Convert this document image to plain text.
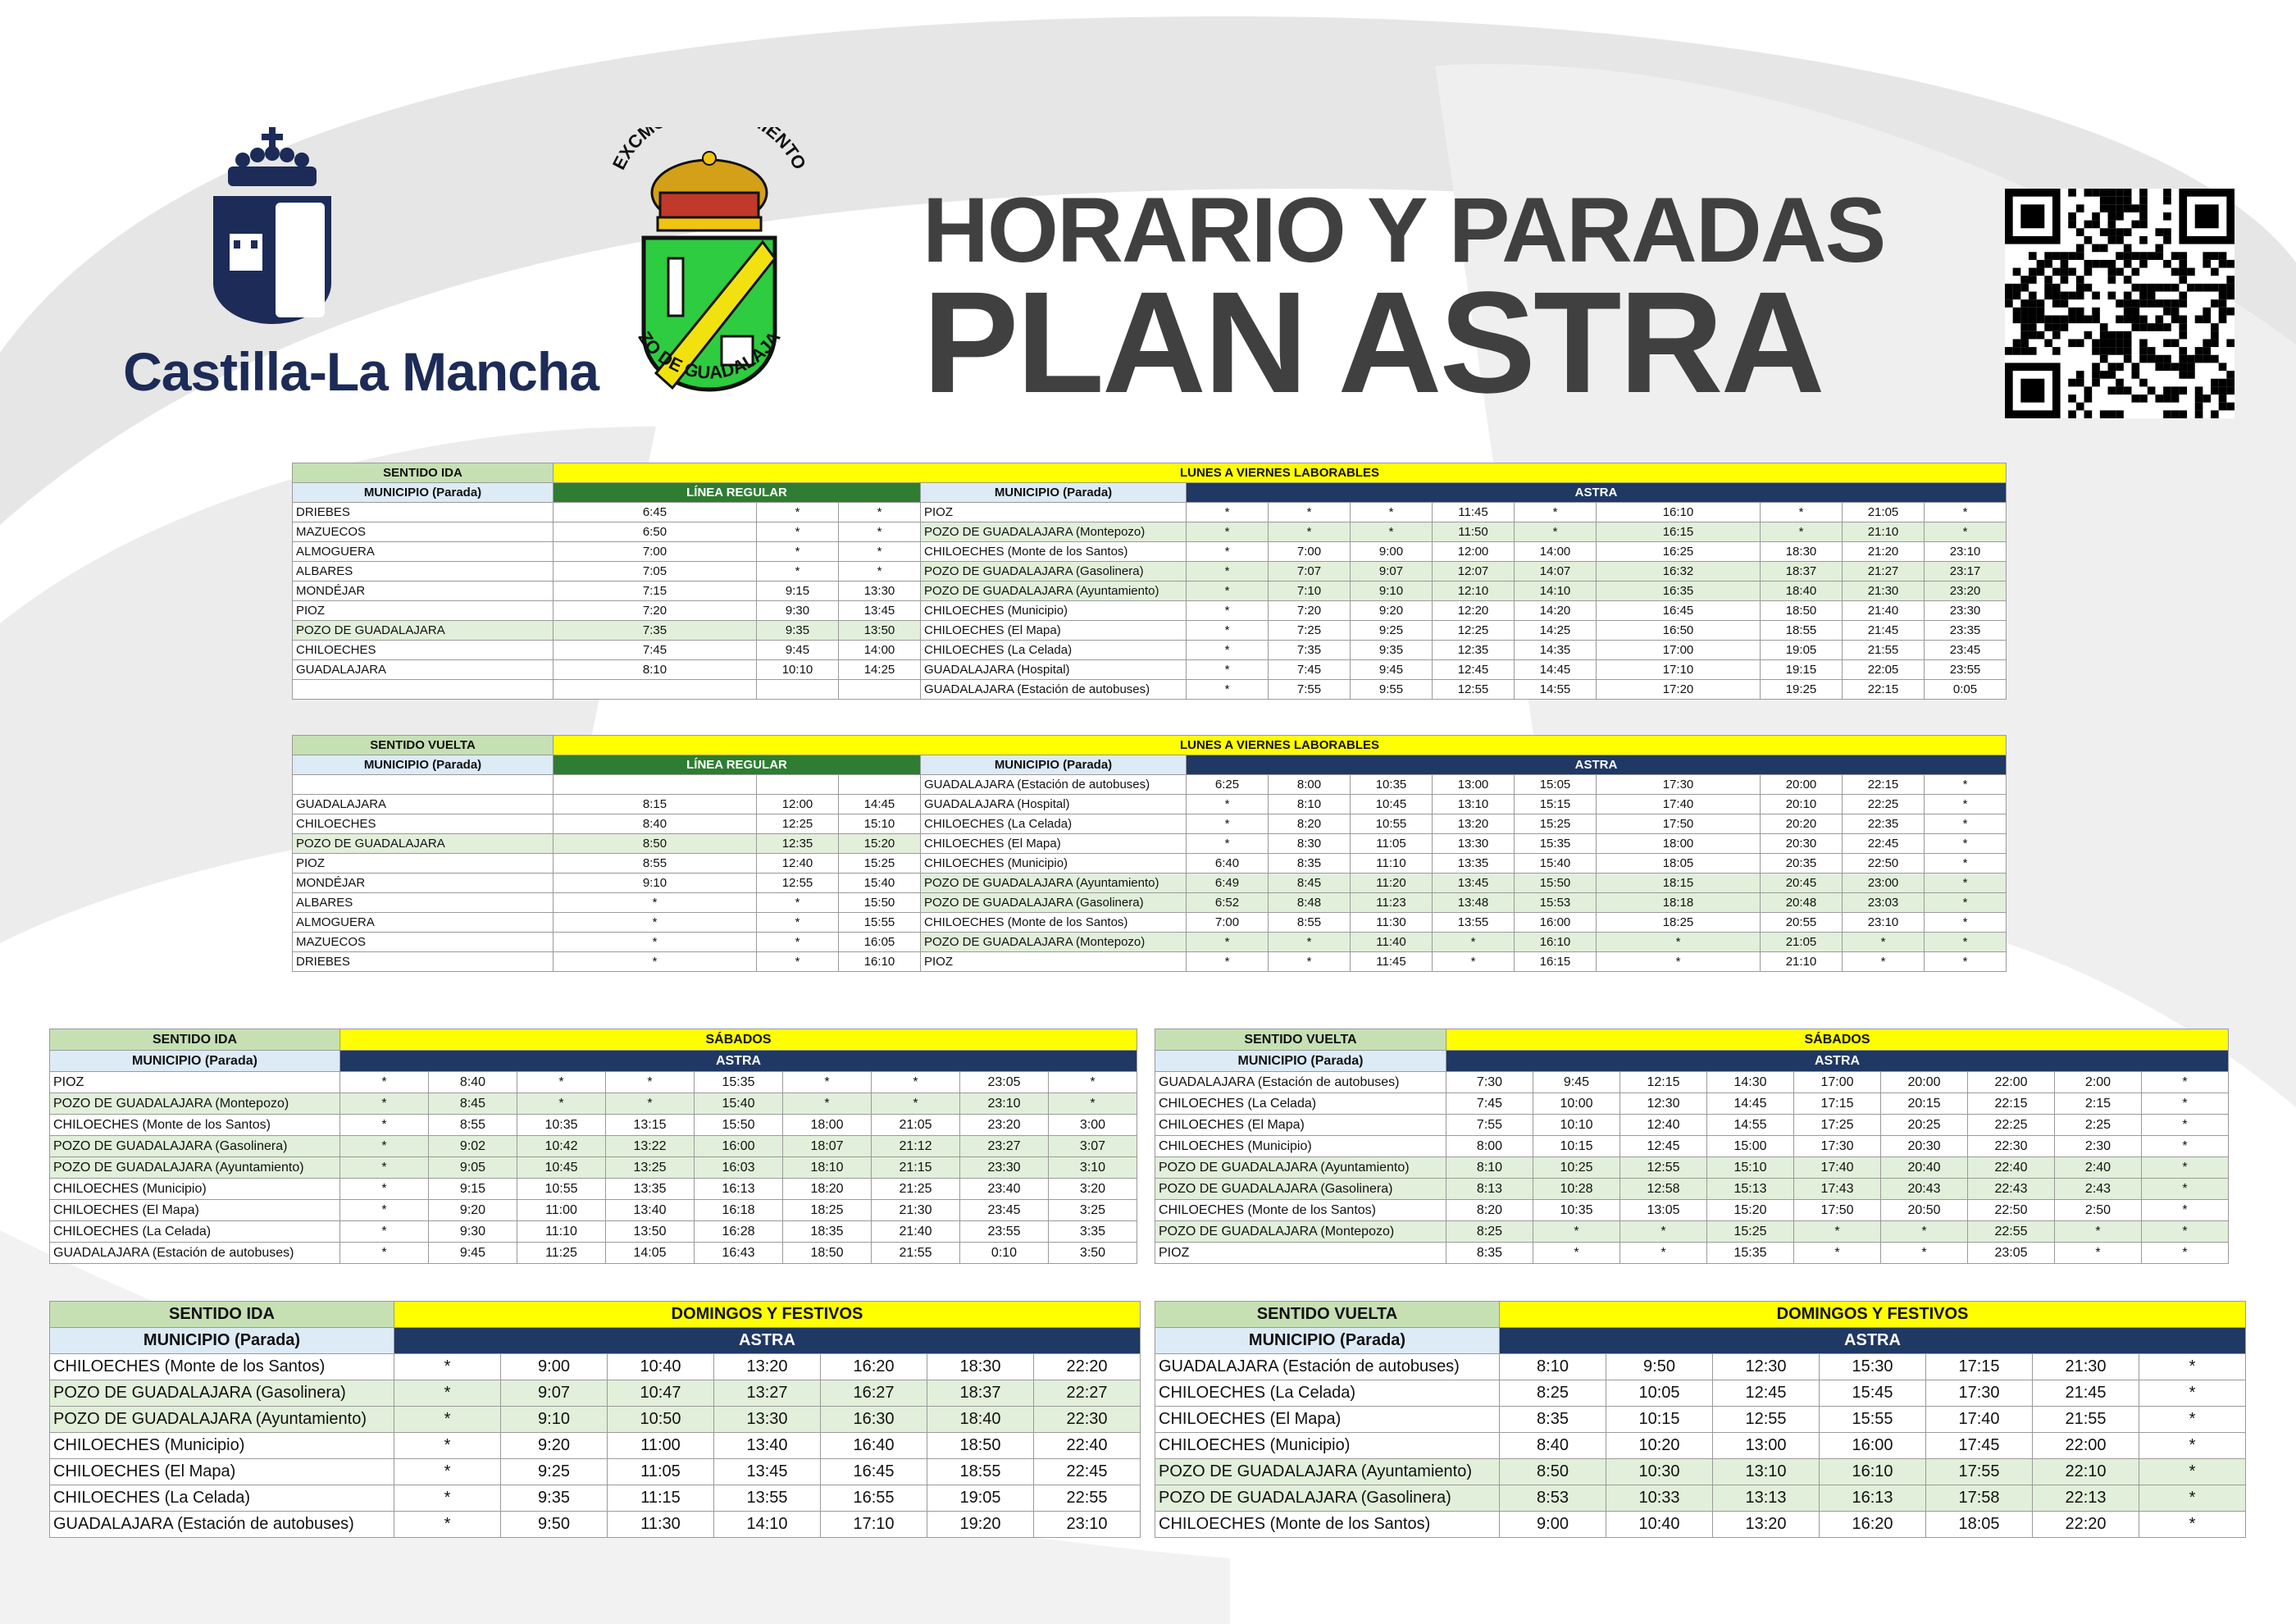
Castilla-La Mancha
EXCM ENTO
ZO DE GUADALAJA
HORARIO Y PARADAS
PLAN ASTRA
SENTIDO IDA	LUNES A VIERNES LABORABLES												
MUNICIPIO (Parada)	LÍNEA REGULAR			MUNICIPIO (Parada)	ASTRA								
DRIEBES	6:45	*	*	PIOZ	*	*	*	11:45	*	16:10	*	21:05	*
MAZUECOS	6:50	*	*	POZO DE GUADALAJARA (Montepozo)	*	*	*	11:50	*	16:15	*	21:10	*
ALMOGUERA	7:00	*	*	CHILOECHES (Monte de los Santos)	*	7:00	9:00	12:00	14:00	16:25	18:30	21:20	23:10
ALBARES	7:05	*	*	POZO DE GUADALAJARA (Gasolinera)	*	7:07	9:07	12:07	14:07	16:32	18:37	21:27	23:17
MONDÉJAR	7:15	9:15	13:30	POZO DE GUADALAJARA (Ayuntamiento)	*	7:10	9:10	12:10	14:10	16:35	18:40	21:30	23:20
PIOZ	7:20	9:30	13:45	CHILOECHES (Municipio)	*	7:20	9:20	12:20	14:20	16:45	18:50	21:40	23:30
POZO DE GUADALAJARA	7:35	9:35	13:50	CHILOECHES (El Mapa)	*	7:25	9:25	12:25	14:25	16:50	18:55	21:45	23:35
CHILOECHES	7:45	9:45	14:00	CHILOECHES (La Celada)	*	7:35	9:35	12:35	14:35	17:00	19:05	21:55	23:45
GUADALAJARA	8:10	10:10	14:25	GUADALAJARA (Hospital)	*	7:45	9:45	12:45	14:45	17:10	19:15	22:05	23:55
				GUADALAJARA (Estación de autobuses)	*	7:55	9:55	12:55	14:55	17:20	19:25	22:15	0:05
SENTIDO VUELTA	LUNES A VIERNES LABORABLES												
MUNICIPIO (Parada)	LÍNEA REGULAR			MUNICIPIO (Parada)	ASTRA								
				GUADALAJARA (Estación de autobuses)	6:25	8:00	10:35	13:00	15:05	17:30	20:00	22:15	*
GUADALAJARA	8:15	12:00	14:45	GUADALAJARA (Hospital)	*	8:10	10:45	13:10	15:15	17:40	20:10	22:25	*
CHILOECHES	8:40	12:25	15:10	CHILOECHES (La Celada)	*	8:20	10:55	13:20	15:25	17:50	20:20	22:35	*
POZO DE GUADALAJARA	8:50	12:35	15:20	CHILOECHES (El Mapa)	*	8:30	11:05	13:30	15:35	18:00	20:30	22:45	*
PIOZ	8:55	12:40	15:25	CHILOECHES (Municipio)	6:40	8:35	11:10	13:35	15:40	18:05	20:35	22:50	*
MONDÉJAR	9:10	12:55	15:40	POZO DE GUADALAJARA (Ayuntamiento)	6:49	8:45	11:20	13:45	15:50	18:15	20:45	23:00	*
ALBARES	*	*	15:50	POZO DE GUADALAJARA (Gasolinera)	6:52	8:48	11:23	13:48	15:53	18:18	20:48	23:03	*
ALMOGUERA	*	*	15:55	CHILOECHES (Monte de los Santos)	7:00	8:55	11:30	13:55	16:00	18:25	20:55	23:10	*
MAZUECOS	*	*	16:05	POZO DE GUADALAJARA (Montepozo)	*	*	11:40	*	16:10	*	21:05	*	*
DRIEBES	*	*	16:10	PIOZ	*	*	11:45	*	16:15	*	21:10	*	*
SENTIDO IDA	SÁBADOS								
MUNICIPIO (Parada)	ASTRA								
PIOZ	*	8:40	*	*	15:35	*	*	23:05	*
POZO DE GUADALAJARA (Montepozo)	*	8:45	*	*	15:40	*	*	23:10	*
CHILOECHES (Monte de los Santos)	*	8:55	10:35	13:15	15:50	18:00	21:05	23:20	3:00
POZO DE GUADALAJARA (Gasolinera)	*	9:02	10:42	13:22	16:00	18:07	21:12	23:27	3:07
POZO DE GUADALAJARA (Ayuntamiento)	*	9:05	10:45	13:25	16:03	18:10	21:15	23:30	3:10
CHILOECHES (Municipio)	*	9:15	10:55	13:35	16:13	18:20	21:25	23:40	3:20
CHILOECHES (El Mapa)	*	9:20	11:00	13:40	16:18	18:25	21:30	23:45	3:25
CHILOECHES (La Celada)	*	9:30	11:10	13:50	16:28	18:35	21:40	23:55	3:35
GUADALAJARA (Estación de autobuses)	*	9:45	11:25	14:05	16:43	18:50	21:55	0:10	3:50
SENTIDO VUELTA	SÁBADOS								
MUNICIPIO (Parada)	ASTRA								
GUADALAJARA (Estación de autobuses)	7:30	9:45	12:15	14:30	17:00	20:00	22:00	2:00	*
CHILOECHES (La Celada)	7:45	10:00	12:30	14:45	17:15	20:15	22:15	2:15	*
CHILOECHES (El Mapa)	7:55	10:10	12:40	14:55	17:25	20:25	22:25	2:25	*
CHILOECHES (Municipio)	8:00	10:15	12:45	15:00	17:30	20:30	22:30	2:30	*
POZO DE GUADALAJARA (Ayuntamiento)	8:10	10:25	12:55	15:10	17:40	20:40	22:40	2:40	*
POZO DE GUADALAJARA (Gasolinera)	8:13	10:28	12:58	15:13	17:43	20:43	22:43	2:43	*
CHILOECHES (Monte de los Santos)	8:20	10:35	13:05	15:20	17:50	20:50	22:50	2:50	*
POZO DE GUADALAJARA (Montepozo)	8:25	*	*	15:25	*	*	22:55	*	*
PIOZ	8:35	*	*	15:35	*	*	23:05	*	*
SENTIDO IDA	DOMINGOS Y FESTIVOS						
MUNICIPIO (Parada)	ASTRA						
CHILOECHES (Monte de los Santos)	*	9:00	10:40	13:20	16:20	18:30	22:20
POZO DE GUADALAJARA (Gasolinera)	*	9:07	10:47	13:27	16:27	18:37	22:27
POZO DE GUADALAJARA (Ayuntamiento)	*	9:10	10:50	13:30	16:30	18:40	22:30
CHILOECHES (Municipio)	*	9:20	11:00	13:40	16:40	18:50	22:40
CHILOECHES (El Mapa)	*	9:25	11:05	13:45	16:45	18:55	22:45
CHILOECHES (La Celada)	*	9:35	11:15	13:55	16:55	19:05	22:55
GUADALAJARA (Estación de autobuses)	*	9:50	11:30	14:10	17:10	19:20	23:10
SENTIDO VUELTA	DOMINGOS Y FESTIVOS						
MUNICIPIO (Parada)	ASTRA						
GUADALAJARA (Estación de autobuses)	8:10	9:50	12:30	15:30	17:15	21:30	*
CHILOECHES (La Celada)	8:25	10:05	12:45	15:45	17:30	21:45	*
CHILOECHES (El Mapa)	8:35	10:15	12:55	15:55	17:40	21:55	*
CHILOECHES (Municipio)	8:40	10:20	13:00	16:00	17:45	22:00	*
POZO DE GUADALAJARA (Ayuntamiento)	8:50	10:30	13:10	16:10	17:55	22:10	*
POZO DE GUADALAJARA (Gasolinera)	8:53	10:33	13:13	16:13	17:58	22:13	*
CHILOECHES (Monte de los Santos)	9:00	10:40	13:20	16:20	18:05	22:20	*
